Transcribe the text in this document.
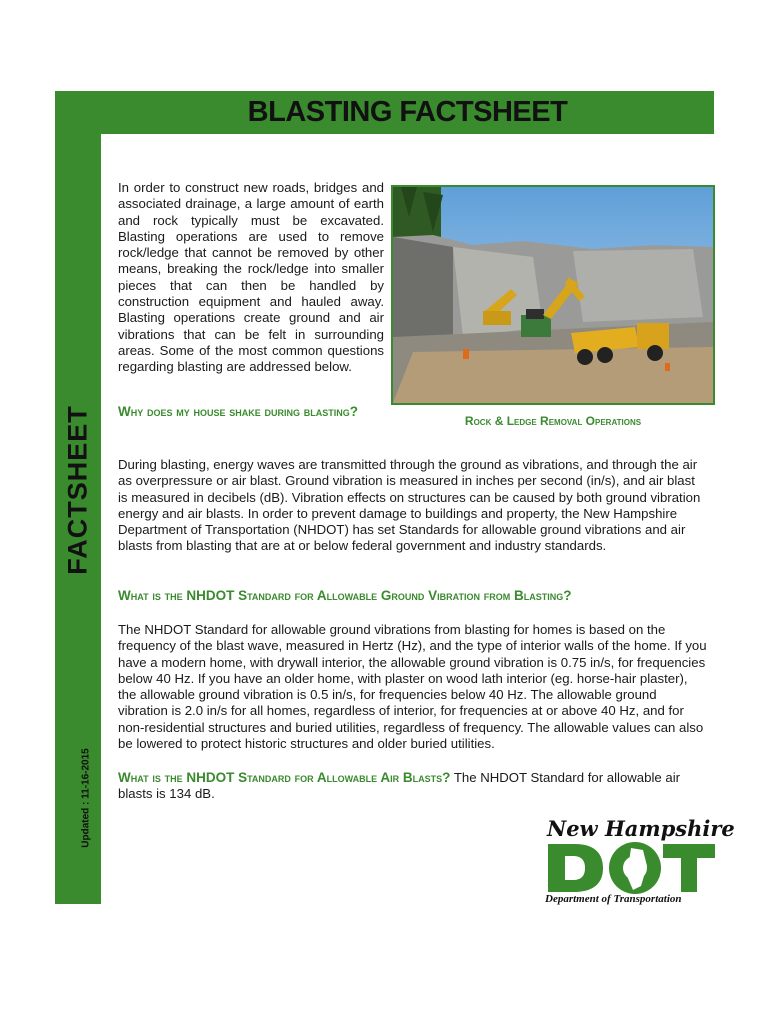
FACTSHEET
Updated : 11-16-2015
BLASTING FACTSHEET

In order to construct new roads, bridges and associated drainage, a large amount of earth and rock typically must be excavated. Blasting operations are used to remove rock/ledge that cannot be removed by other means, breaking the rock/ledge into smaller pieces that can then be handled by construction equipment and hauled away. Blasting operations create ground and air vibrations that can be felt in surrounding areas. Some of the most common questions regarding blasting are addressed below.

Rock & Ledge Removal Operations
Why does my house shake during blasting?

During blasting, energy waves are transmitted through the ground as vibrations, and through the air as overpressure or air blast. Ground vibration is measured in inches per second (in/s), and air blast is measured in decibels (dB). Vibration effects on structures can be caused by both ground vibration energy and air blasts. In order to prevent damage to buildings and property, the New Hampshire Department of Transportation (NHDOT) has set Standards for allowable ground vibrations and air blasts from blasting that are at or below federal government and industry standards.

What is the NHDOT Standard for Allowable Ground Vibration from Blasting?

The NHDOT Standard for allowable ground vibrations from blasting for homes is based on the frequency of the blast wave, measured in Hertz (Hz), and the type of interior walls of the home. If you have a modern home, with drywall interior, the allowable ground vibration is 0.75 in/s, for frequencies below 40 Hz. If you have an older home, with plaster on wood lath interior (eg. horse-hair plaster), the allowable ground vibration is 0.5 in/s, for frequencies below 40 Hz. The allowable ground vibration is 2.0 in/s for all homes, regardless of interior, for frequencies at or above 40 Hz, and for non-residential structures and buried utilities, regardless of frequency. The allowable values can also be lowered to protect historic structures and older buried utilities.

What is the NHDOT Standard for Allowable Air Blasts? The NHDOT Standard for allowable air blasts is 134 dB.

New Hampshire
Department of Transportation
